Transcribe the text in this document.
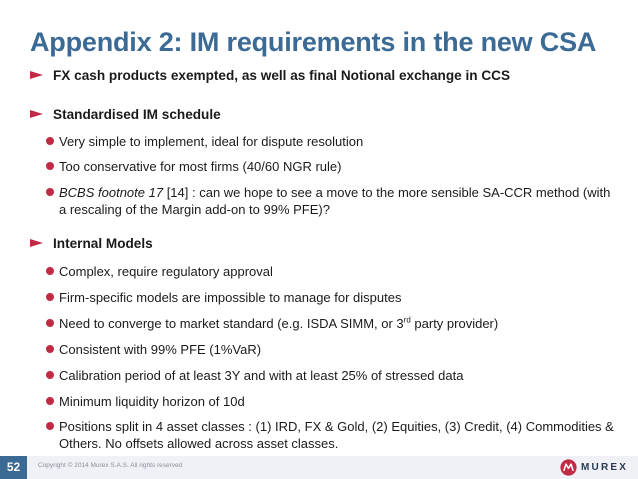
Appendix 2: IM requirements in the new CSA
FX cash products exempted, as well as final Notional exchange in CCS
Standardised IM schedule
Very simple to implement, ideal for dispute resolution
Too conservative for most firms (40/60 NGR rule)
BCBS footnote 17 [14] : can we hope to see a move to the more sensible SA-CCR method (with a rescaling of the Margin add-on to 99% PFE)?
Internal Models
Complex, require regulatory approval
Firm-specific models are impossible to manage for disputes
Need to converge to market standard (e.g. ISDA SIMM, or 3rd party provider)
Consistent with 99% PFE (1%VaR)
Calibration period of at least 3Y and with at least 25% of stressed data
Minimum liquidity horizon of 10d
Positions split in 4 asset classes : (1) IRD, FX & Gold, (2) Equities, (3) Credit, (4) Commodities & Others. No offsets allowed across asset classes.
52	Copyright © 2014 Murex S.A.S. All rights reserved	MUREX
